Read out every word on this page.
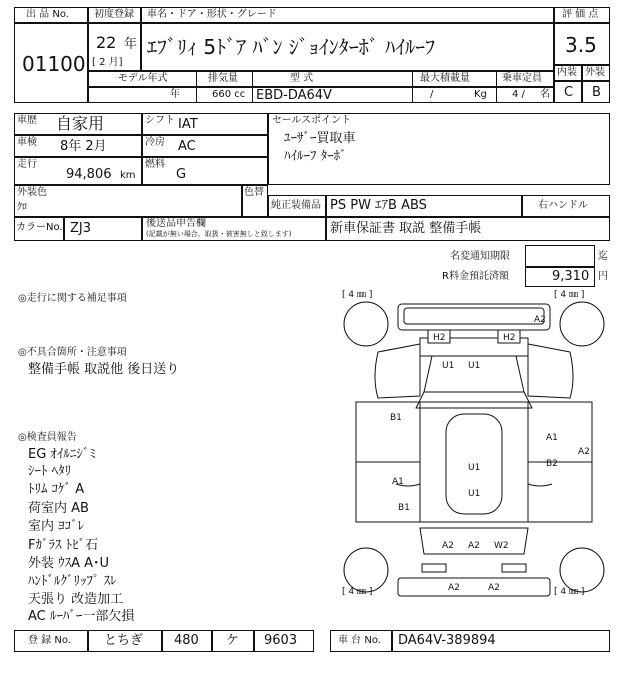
出 品 No.
01100
初度登録 車名・ドア・形状・グレード
22 年
[ 2 月]
ｴﾌﾞﾘｨ 5ﾄﾞｱ ﾊﾞﾝ ｼﾞｮｲﾝﾀｰﾎﾞ ﾊｲﾙｰﾌ
評 価 点
3.5
内装 外装
C B
モデル年式	排気量	型 式	最大積載量	乗車定員
年	660 cc EBD-DA64V	/	Kg	4 / 名
車歴 自家用	シフト IAT
車検 8年 2月	冷房 AC
走行
94,806 km
燃料
G
セールスポイント
ﾕｰｻﾞｰ買取車
ﾊｲﾙｰﾌ ﾀｰﾎﾞ
外装色
ｸﾛ
色替
純正装備品 PS PW ｴｱB ABS	右ハンドル
カラーNo. ZJ3	後送品申告欄
(記載が無い場合、取扱・被害無しと致します)	新車保証書 取説 整備手帳
名変通知期限	迄
R料金預託済額	9,310 円
◎走行に関する補足事項
◎不具合箇所・注意事項
整備手帳 取説他 後日送り
◎検査員報告
EG ｵｲﾙﾆｼﾞﾐ
ｼｰﾄ ﾍﾀﾘ
ﾄﾘﾑ ｺｹﾞ A
荷室内 AB
室内 ﾖｺﾞﾚ
Fｶﾞﾗｽ ﾄﾋﾞ石
外装 ｳｽA A･U
ﾊﾝﾄﾞﾙｸﾞﾘｯﾌﾟ ｽﾚ
天張り 改造加工
AC ﾙｰﾊﾞｰ一部欠損
[ 4 ㎜ ]	[ 4 ㎜ ]
[ 4 ㎜ ]	[ 4 ㎜ ]
A2
H2	H2
U1 U1
B1
A1
B2
A2
U1
U1
A1
B1
A2 A2 W2
A2	A2
登 録 No.	とちぎ 480 ケ 9603	車 台 No. DA64V-389894
